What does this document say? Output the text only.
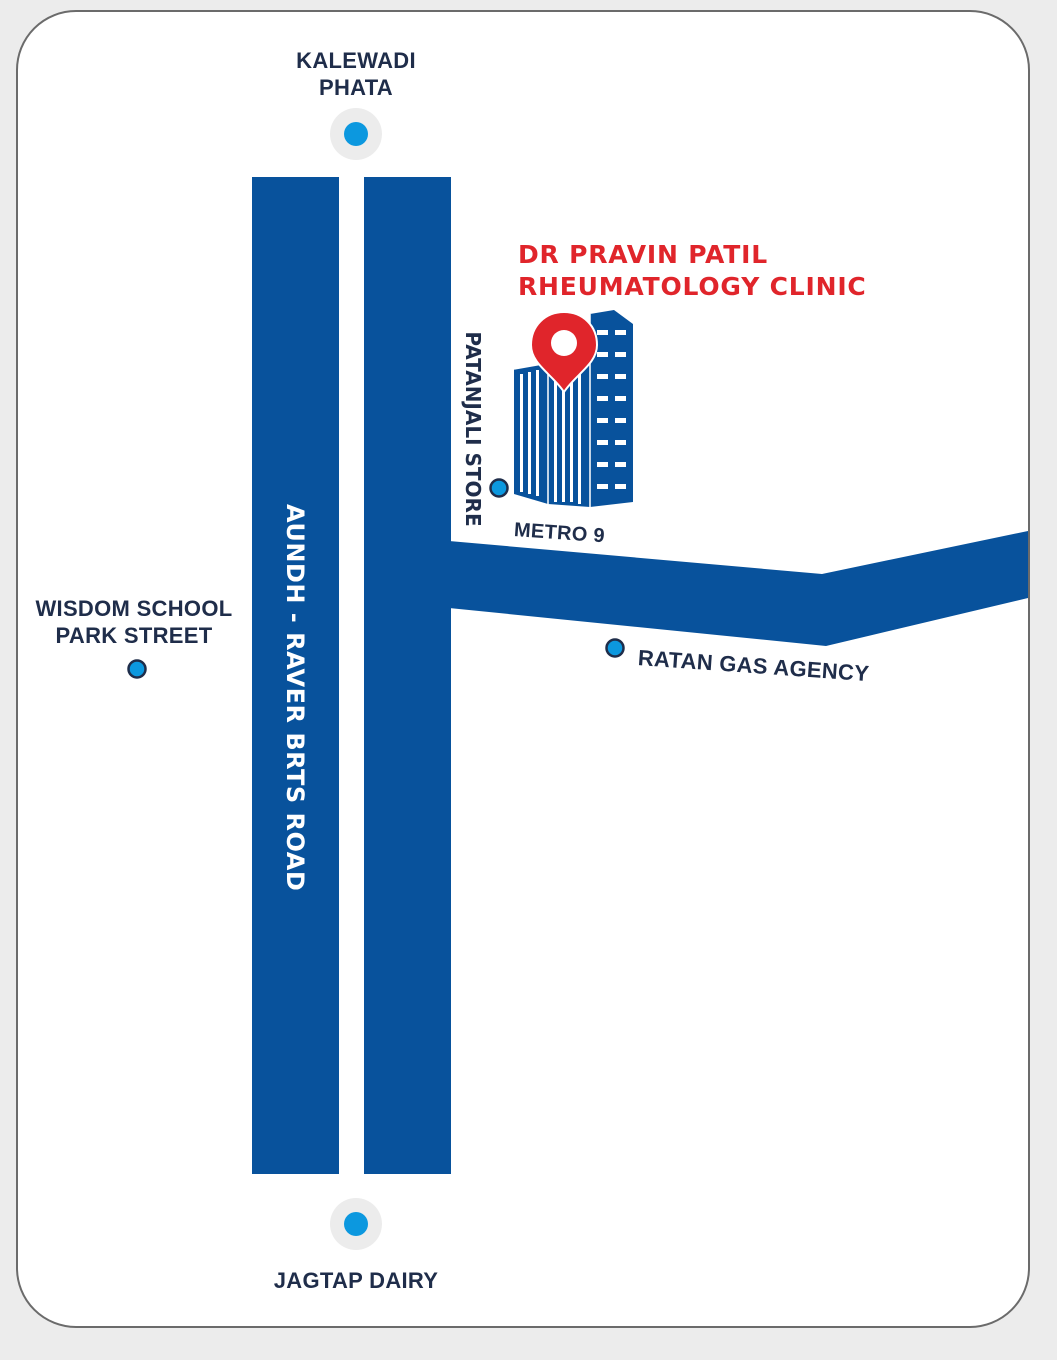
DR PRAVIN PATIL
RHEUMATOLOGY CLINIC
KALEWADI
PHATA
JAGTAP DAIRY
WISDOM SCHOOL
PARK STREET
METRO 9
RATAN GAS AGENCY
PATANJALI STORE
AUNDH - RAVER BRTS ROAD
